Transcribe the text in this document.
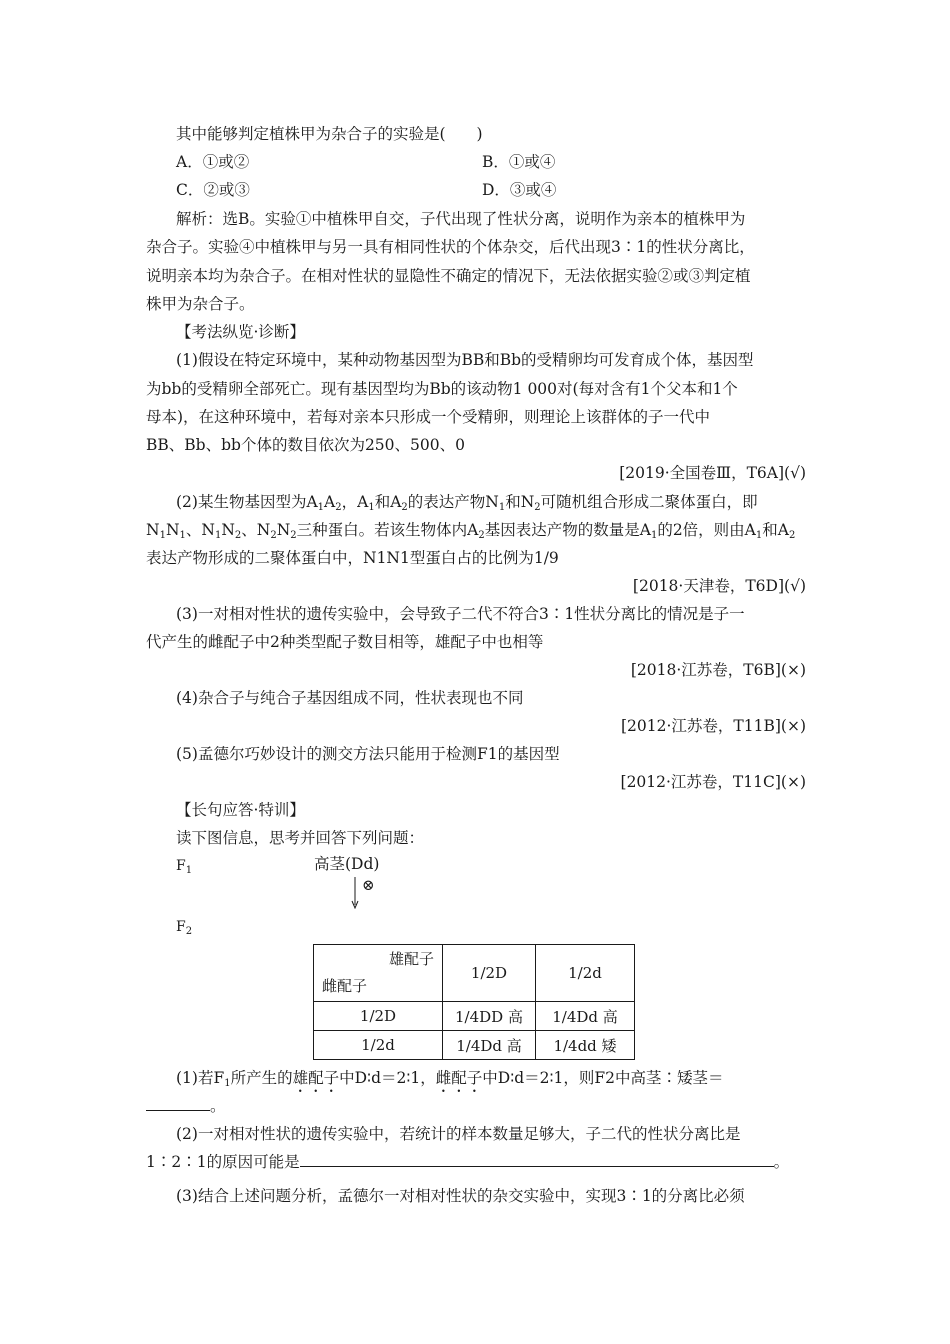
其中能够判定植株甲为杂合子的实验是(　　)
A．①或②	B．①或④
C．②或③	D．③或④
解析：选B。实验①中植株甲自交，子代出现了性状分离，说明作为亲本的植株甲为
杂合子。实验④中植株甲与另一具有相同性状的个体杂交，后代出现3∶1的性状分离比，
说明亲本均为杂合子。在相对性状的显隐性不确定的情况下，无法依据实验②或③判定植
株甲为杂合子。
【考法纵览·诊断】
(1)假设在特定环境中，某种动物基因型为BB和Bb的受精卵均可发育成个体，基因型
为bb的受精卵全部死亡。现有基因型均为Bb的该动物1 000对(每对含有1个父本和1个
母本)，在这种环境中，若每对亲本只形成一个受精卵，则理论上该群体的子一代中
BB、Bb、bb个体的数目依次为250、500、0
[2019·全国卷Ⅲ，T6A](√)
(2)某生物基因型为$A_1A_2$，$A_1$和$A_2$的表达产物$N_1$和$N_2$可随机组合形成二聚体蛋白，即
$N_1N_1$、$N_1N_2$、$N_2N_2$三种蛋白。若该生物体内$A_2$基因表达产物的数量是$A_1$的2倍，则由$A_1$和$A_2$
表达产物形成的二聚体蛋白中，N1N1型蛋白占的比例为1/9
[2018·天津卷，T6D](√)
(3)一对相对性状的遗传实验中，会导致子二代不符合3∶1性状分离比的情况是子一
代产生的雌配子中2种类型配子数目相等，雄配子中也相等
[2018·江苏卷，T6B](×)
(4)杂合子与纯合子基因组成不同，性状表现也不同
[2012·江苏卷，T11B](×)
(5)孟德尔巧妙设计的测交方法只能用于检测F1的基因型
[2012·江苏卷，T11C](×)
【长句应答·特训】
读下图信息，思考并回答下列问题：
$F_1$	高茎(Dd)
⊗
$F_2$
雄配子
雌配子	1/2D	1/2d
1/2D	1/4DD 高	1/4Dd 高
1/2d	1/4Dd 高	1/4dd 矮
(1)若$F_1$所产生的雄配子中D∶d＝2∶1，雌配子中D∶d＝2∶1，则F2中高茎∶矮茎＝
。
(2)一对相对性状的遗传实验中，若统计的样本数量足够大，子二代的性状分离比是
1∶2∶1的原因可能是	。
(3)结合上述问题分析，孟德尔一对相对性状的杂交实验中，实现3∶1的分离比必须
